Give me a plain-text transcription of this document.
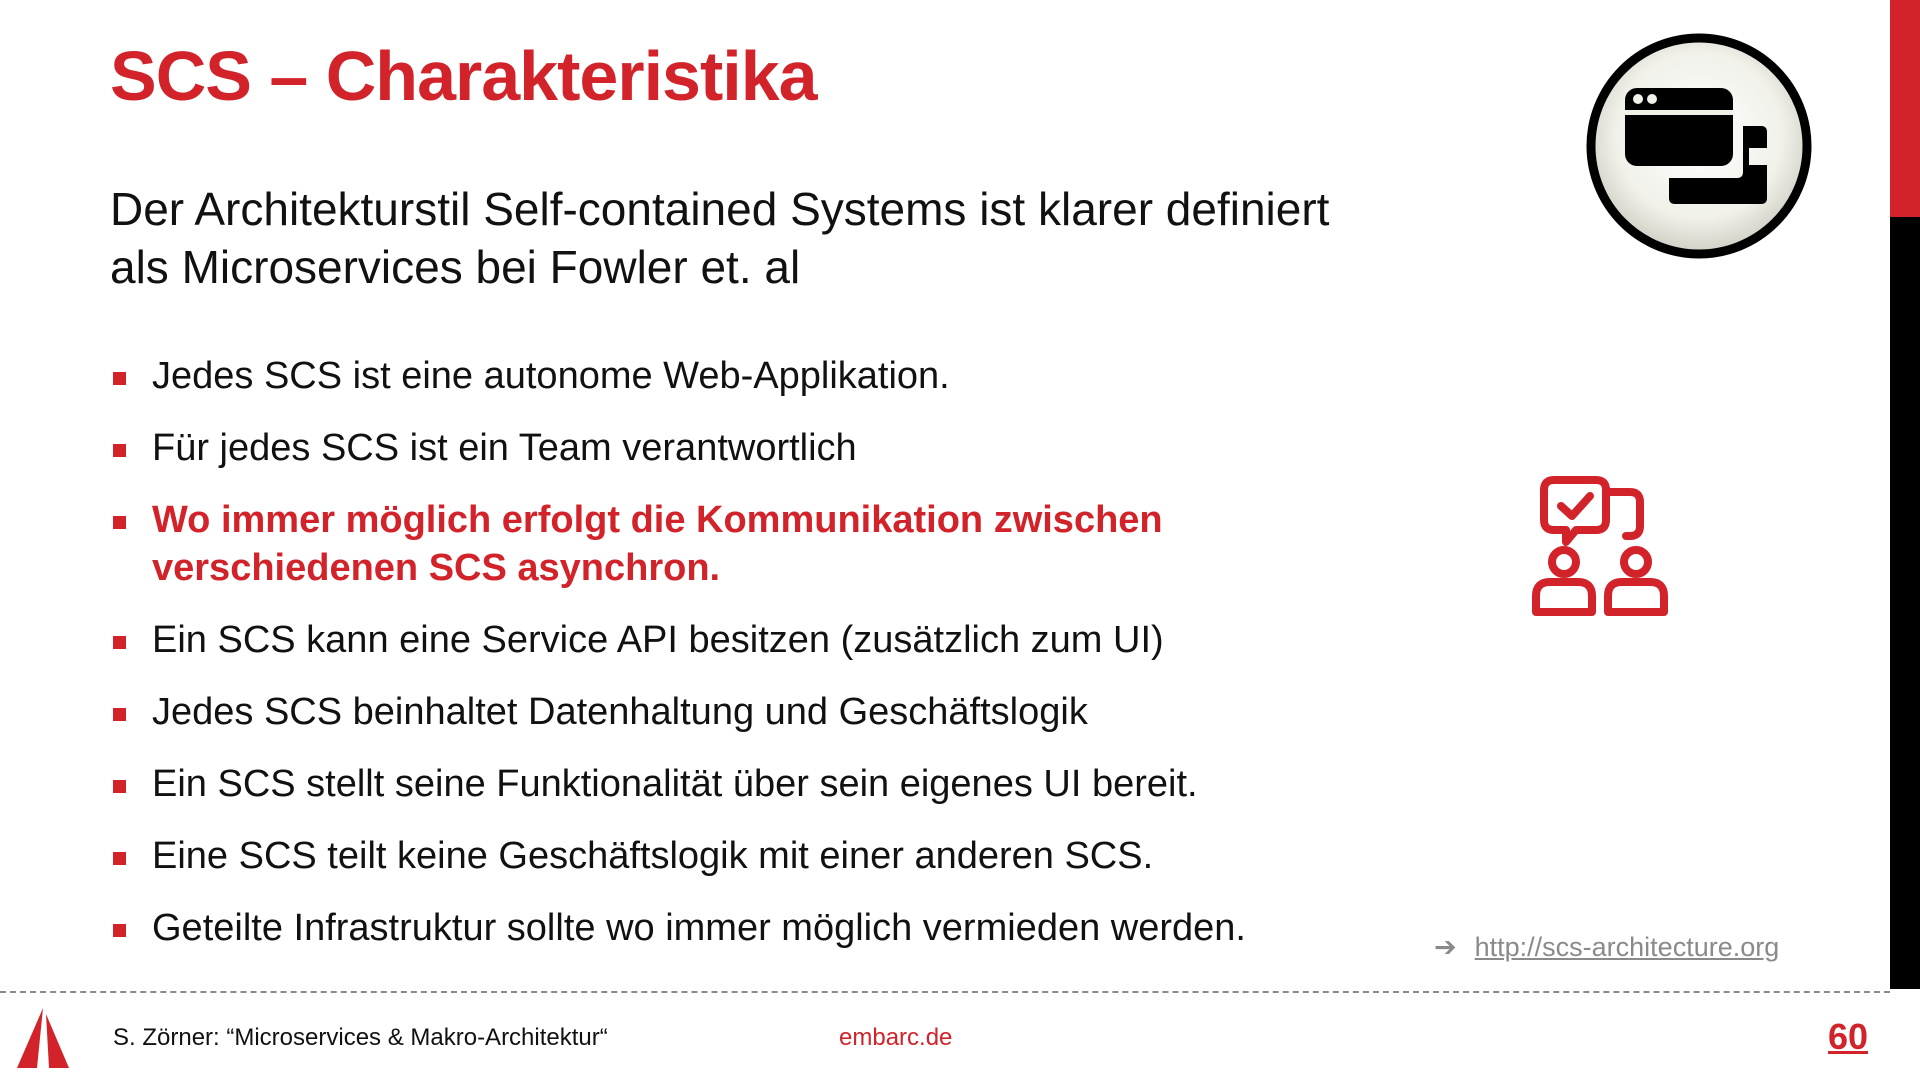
SCS – Charakteristika

Der Architekturstil Self-contained Systems ist klarer definiert
als Microservices bei Fowler et. al

Jedes SCS ist eine autonome Web-Applikation.
Für jedes SCS ist ein Team verantwortlich
Wo immer möglich erfolgt die Kommunikation zwischen verschiedenen SCS asynchron.
Ein SCS kann eine Service API besitzen (zusätzlich zum UI)
Jedes SCS beinhaltet Datenhaltung und Geschäftslogik
Ein SCS stellt seine Funktionalität über sein eigenes UI bereit.
Eine SCS teilt keine Geschäftslogik mit einer anderen SCS.
Geteilte Infrastruktur sollte wo immer möglich vermieden werden.	➔ http://scs-architecture.org
S. Zörner: “Microservices & Makro-Architektur“	embarc.de	60
